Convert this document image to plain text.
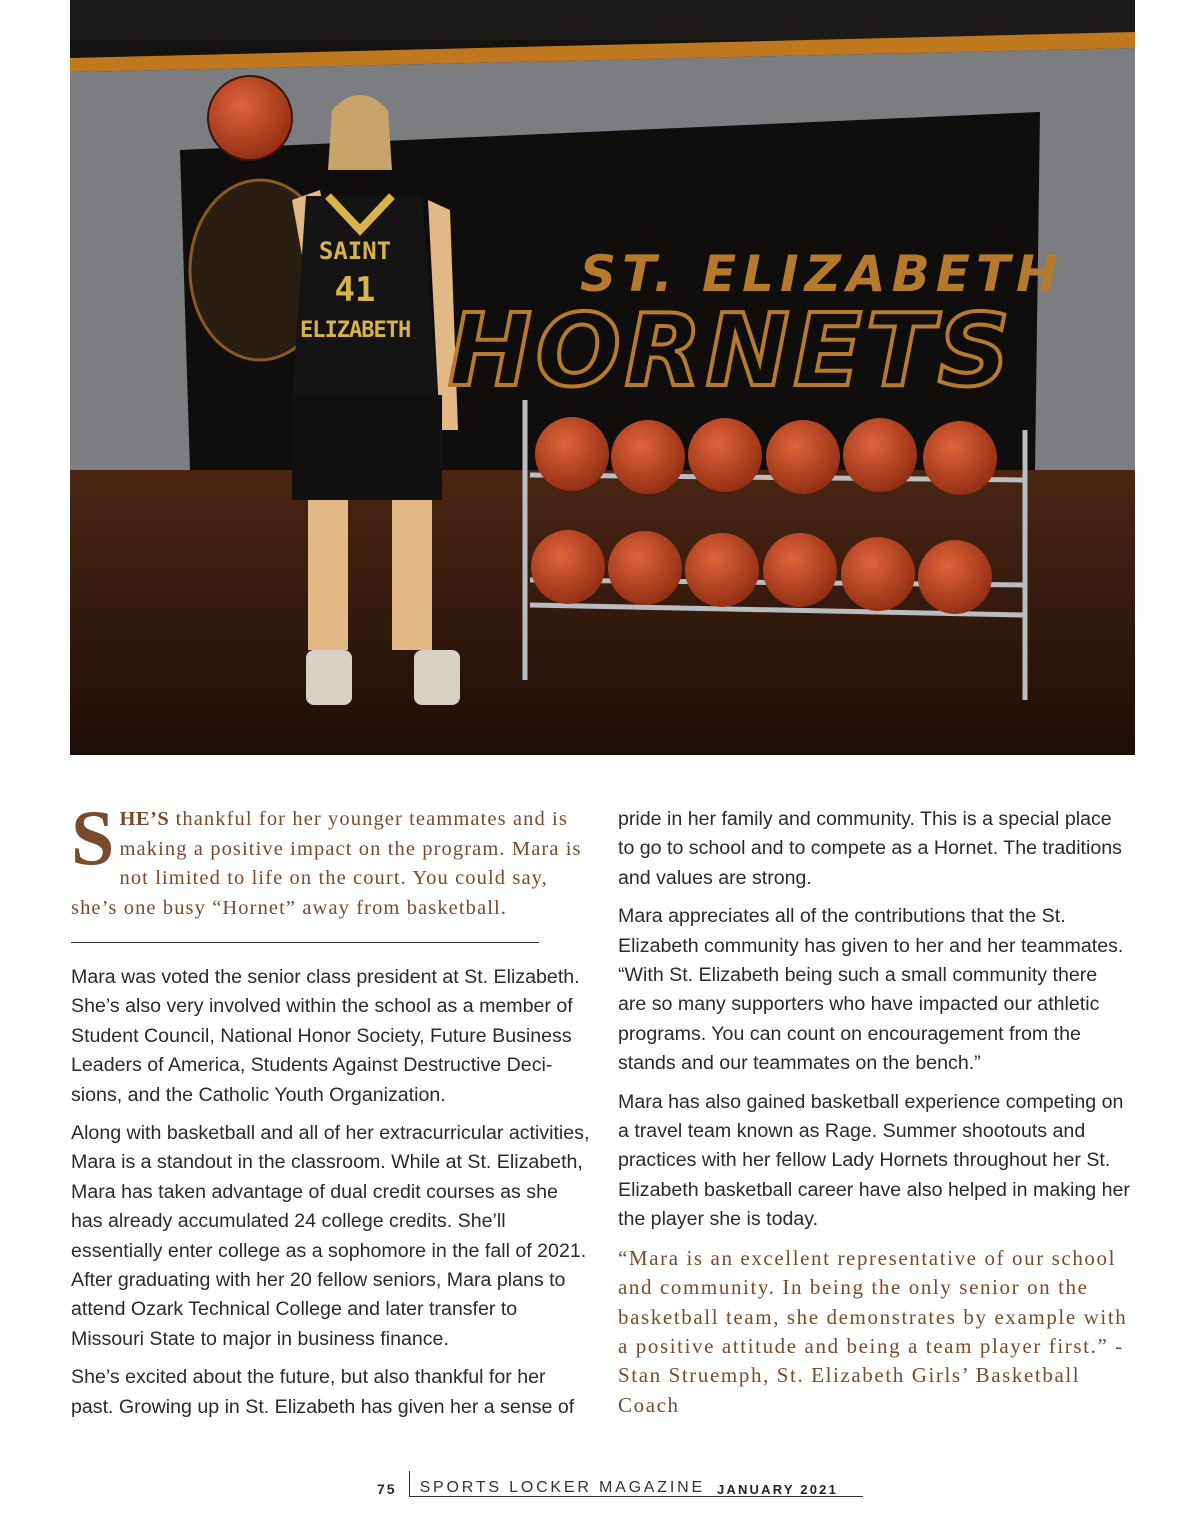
ST. ELIZABETH
HORNETS
SAINT
41
ELIZABETH

SHE’S thankful for her younger teammates and is making a positive impact on the program. Mara is not limited to life on the court. You could say, she’s one busy “Hornet” away from basketball.

Mara was voted the senior class president at St. Elizabeth. She’s also very involved within the school as a member of Student Council, National Honor Society, Future Business Leaders of America, Students Against Destructive Decisions, and the Catholic Youth Organization.

Along with basketball and all of her extracurricular activities, Mara is a standout in the classroom. While at St. Elizabeth, Mara has taken advantage of dual credit courses as she has already accumulated 24 college credits. She’ll essentially enter college as a sophomore in the fall of 2021. After graduating with her 20 fellow seniors, Mara plans to attend Ozark Technical College and later transfer to Missouri State to major in business finance.

She’s excited about the future, but also thankful for her past. Growing up in St. Elizabeth has given her a sense of

pride in her family and community. This is a special place to go to school and to compete as a Hornet. The traditions and values are strong.

Mara appreciates all of the contributions that the St. Elizabeth community has given to her and her teammates. “With St. Elizabeth being such a small community there are so many supporters who have impacted our athletic programs. You can count on encouragement from the stands and our teammates on the bench.”

Mara has also gained basketball experience competing on a travel team known as Rage. Summer shootouts and practices with her fellow Lady Hornets throughout her St. Elizabeth basketball career have also helped in making her the player she is today.

“Mara is an excellent representative of our school and community. In being the only senior on the basketball team, she demonstrates by example with a positive attitude and being a team player first.” - Stan Struemph, St. Elizabeth Girls’ Basketball Coach

75	SPORTS LOCKER MAGAZINE JANUARY 2021
